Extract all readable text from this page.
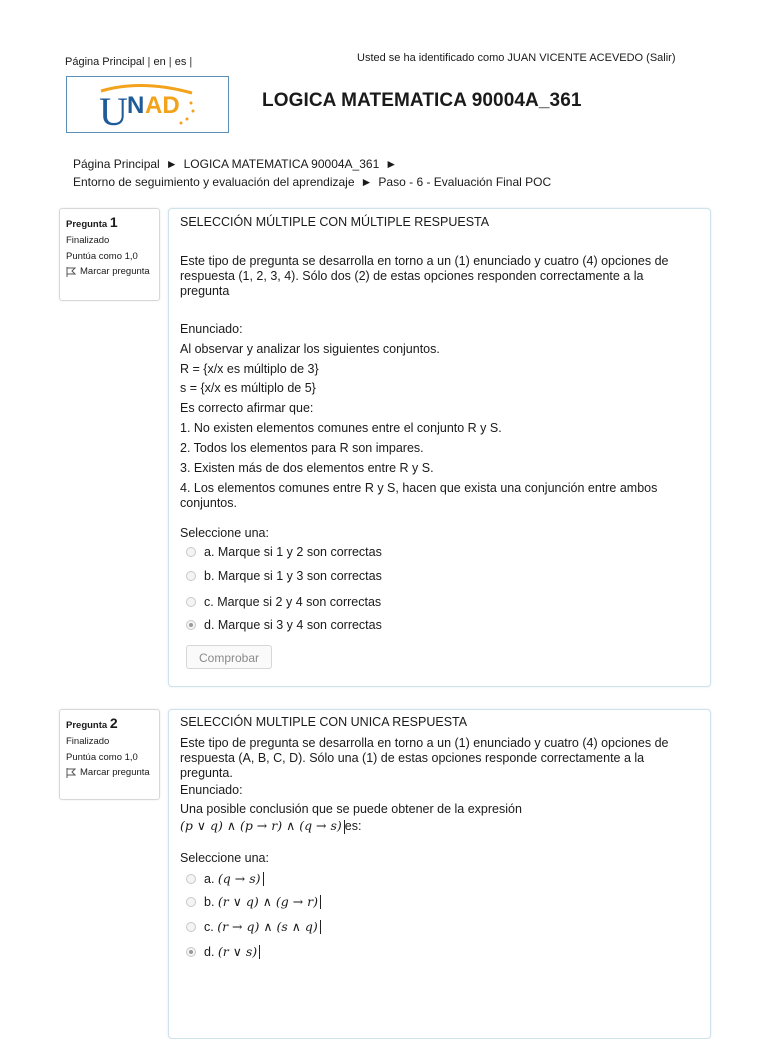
Página Principal | en | es |	Usted se ha identificado como JUAN VICENTE ACEVEDO (Salir)
U N AD	LOGICA MATEMATICA 90004A_361
Página Principal ► LOGICA MATEMATICA 90004A_361 ►
Entorno de seguimiento y evaluación del aprendizaje ► Paso - 6 - Evaluación Final POC
Pregunta 1
Finalizado
Puntúa como 1,0
Marcar pregunta
SELECCIÓN MÚLTIPLE CON MÚLTIPLE RESPUESTA
Este tipo de pregunta se desarrolla en torno a un (1) enunciado y cuatro (4) opciones de respuesta (1, 2, 3, 4). Sólo dos (2) de estas opciones responden correctamente a la pregunta
Enunciado:
Al observar y analizar los siguientes conjuntos.
R = {x/x es múltiplo de 3}
s = {x/x es múltiplo de 5}
Es correcto afirmar que:
1. No existen elementos comunes entre el conjunto R y S.
2. Todos los elementos para R son impares.
3. Existen más de dos elementos entre R y S.
4. Los elementos comunes entre R y S, hacen que exista una conjunción entre ambos conjuntos.
Seleccione una:
a. Marque si 1 y 2 son correctas
b. Marque si 1 y 3 son correctas
c. Marque si 2 y 4 son correctas
d. Marque si 3 y 4 son correctas
Comprobar
Pregunta 2
Finalizado
Puntúa como 1,0
Marcar pregunta
SELECCIÓN MULTIPLE CON UNICA RESPUESTA
Este tipo de pregunta se desarrolla en torno a un (1) enunciado y cuatro (4) opciones de respuesta (A, B, C, D). Sólo una (1) de estas opciones responde correctamente a la pregunta.
Enunciado:
Una posible conclusión que se puede obtener de la expresión
(p ∨ q) ∧ (p → r) ∧ (q → s) es:
Seleccione una:
a.
(q → s)
b.
(r ∨ q) ∧ (g → r)
c.
(r → q) ∧ (s ∧ q)
d.
(r ∨ s)
